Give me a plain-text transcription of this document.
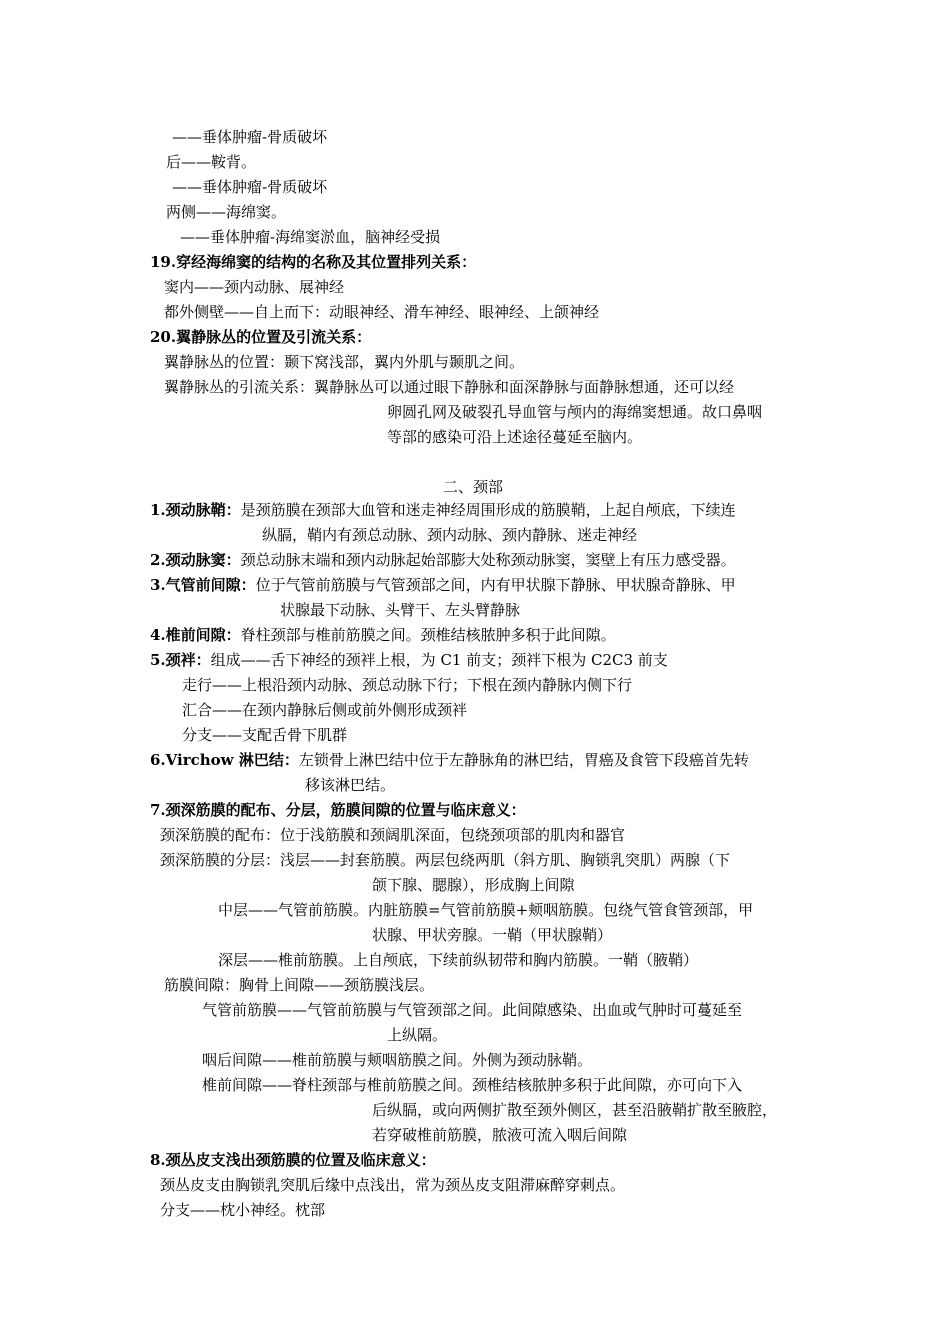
——垂体肿瘤-骨质破坏
后——鞍背。
——垂体肿瘤-骨质破坏
两侧——海绵窦。
——垂体肿瘤-海绵窦淤血，脑神经受损
19.穿经海绵窦的结构的名称及其位置排列关系：
窦内——颈内动脉、展神经
都外侧壁——自上而下：动眼神经、滑车神经、眼神经、上颌神经
20.翼静脉丛的位置及引流关系：
翼静脉丛的位置：颞下窝浅部，翼内外肌与颞肌之间。
翼静脉丛的引流关系：翼静脉丛可以通过眼下静脉和面深静脉与面静脉想通，还可以经
卵圆孔网及破裂孔导血管与颅内的海绵窦想通。故口鼻咽
等部的感染可沿上述途径蔓延至脑内。
二、颈部
1.颈动脉鞘：是颈筋膜在颈部大血管和迷走神经周围形成的筋膜鞘，上起自颅底，下续连
纵膈，鞘内有颈总动脉、颈内动脉、颈内静脉、迷走神经
2.颈动脉窦：颈总动脉末端和颈内动脉起始部膨大处称颈动脉窦，窦壁上有压力感受器。
3.气管前间隙：位于气管前筋膜与气管颈部之间，内有甲状腺下静脉、甲状腺奇静脉、甲
状腺最下动脉、头臂干、左头臂静脉
4.椎前间隙：脊柱颈部与椎前筋膜之间。颈椎结核脓肿多积于此间隙。
5.颈袢：组成——舌下神经的颈袢上根，为 C1 前支；颈袢下根为 C2C3 前支
走行——上根沿颈内动脉、颈总动脉下行；下根在颈内静脉内侧下行
汇合——在颈内静脉后侧或前外侧形成颈袢
分支——支配舌骨下肌群
6.Virchow 淋巴结：左锁骨上淋巴结中位于左静脉角的淋巴结，胃癌及食管下段癌首先转
移该淋巴结。
7.颈深筋膜的配布、分层，筋膜间隙的位置与临床意义：
颈深筋膜的配布：位于浅筋膜和颈阔肌深面，包绕颈项部的肌肉和器官
颈深筋膜的分层：浅层——封套筋膜。两层包绕两肌（斜方肌、胸锁乳突肌）两腺（下
颌下腺、腮腺），形成胸上间隙
中层——气管前筋膜。内脏筋膜=气管前筋膜+颊咽筋膜。包绕气管食管颈部，甲
状腺、甲状旁腺。一鞘（甲状腺鞘）
深层——椎前筋膜。上自颅底，下续前纵韧带和胸内筋膜。一鞘（腋鞘）
筋膜间隙：胸骨上间隙——颈筋膜浅层。
气管前筋膜——气管前筋膜与气管颈部之间。此间隙感染、出血或气肿时可蔓延至
上纵隔。
咽后间隙——椎前筋膜与颊咽筋膜之间。外侧为颈动脉鞘。
椎前间隙——脊柱颈部与椎前筋膜之间。颈椎结核脓肿多积于此间隙，亦可向下入
后纵膈，或向两侧扩散至颈外侧区，甚至沿腋鞘扩散至腋腔，
若穿破椎前筋膜，脓液可流入咽后间隙
8.颈丛皮支浅出颈筋膜的位置及临床意义：
颈丛皮支由胸锁乳突肌后缘中点浅出，常为颈丛皮支阻滞麻醉穿刺点。
分支——枕小神经。枕部
